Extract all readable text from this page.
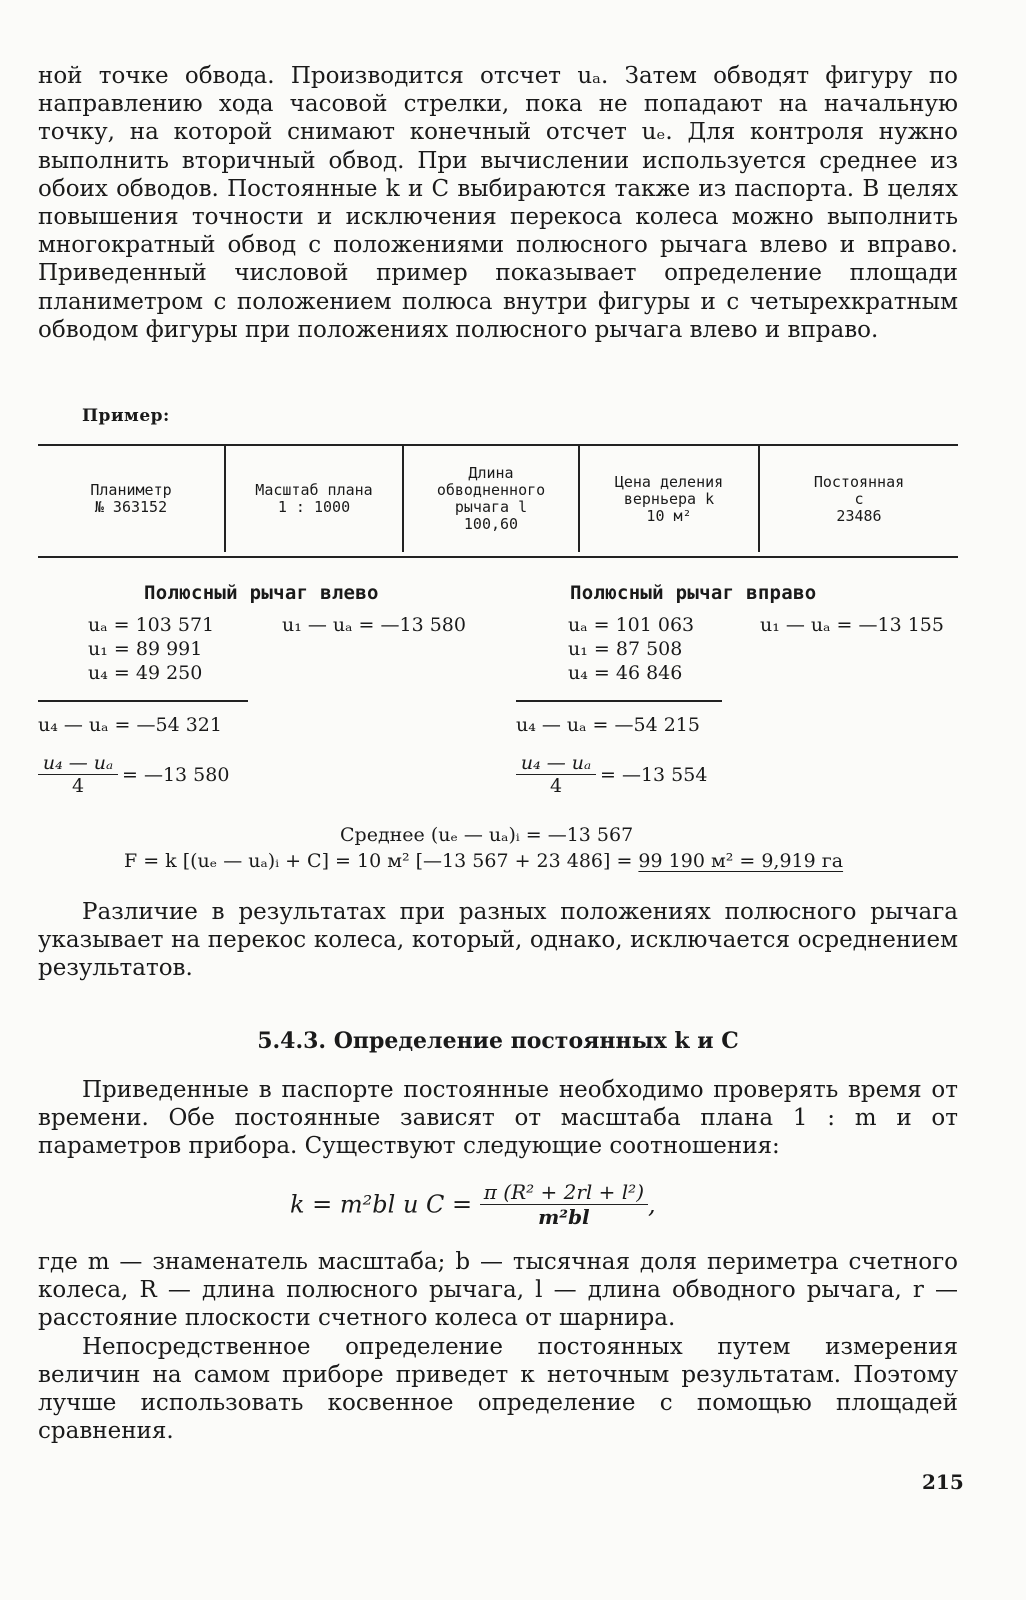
ной точке обвода. Производится отсчет uₐ. Затем обводят фигуру по направлению хода часовой стрелки, пока не попадают на начальную точку, на которой снимают конечный отсчет uₑ. Для контроля нужно выполнить вторичный обвод. При вычислении используется среднее из обоих обводов. Постоянные k и C выбираются также из паспорта. В целях повышения точности и исключения перекоса колеса можно выполнить многократный обвод с положениями полюсного рычага влево и вправо. Приведенный числовой пример показывает определение площади планиметром с положением полюса внутри фигуры и с четырехкратным обводом фигуры при положениях полюсного рычага влево и вправо.

Пример:
Планиметр
№ 363152
Масштаб плана
1 : 1000
Длина
обводненного
рычага l
100,60
Цена деления
верньера k
10 м²
Постоянная
c
23486
Полюсный рычаг влево
uₐ = 103 571
u₁ = 89 991
u₄ = 49 250
u₁ — uₐ = —13 580
u₄ — uₐ = —54 321
$\frac{\text{u₄ — uₐ}}{4}$ = —13 580
Полюсный рычаг вправо
uₐ = 101 063
u₁ = 87 508
u₄ = 46 846
u₁ — uₐ = —13 155
u₄ — uₐ = —54 215
$\frac{\text{u₄ — uₐ}}{4}$ = —13 554
Среднее (uₑ — uₐ)ᵢ = —13 567
F = k [(uₑ — uₐ)ᵢ + C] = 10 м² [—13 567 + 23 486] = 99 190 м² = 9,919 га

Различие в результатах при разных положениях полюсного рычага указывает на перекос колеса, который, однако, исключается осреднением результатов.

5.4.3. Определение постоянных k и C

Приведенные в паспорте постоянные необходимо проверять время от времени. Обе постоянные зависят от масштаба плана 1 : m и от параметров прибора. Существуют следующие соотношения:

k = m²bl и $C = \frac{\text{π (R² + 2rl + l²)}}{\text{m²bl}}$ ,

где m — знаменатель масштаба; b — тысячная доля периметра счетного колеса, R — длина полюсного рычага, l — длина обводного рычага, r — расстояние плоскости счетного колеса от шарнира.

Непосредственное определение постоянных путем измерения величин на самом приборе приведет к неточным результатам. Поэтому лучше использовать косвенное определение с помощью площадей сравнения.

215
